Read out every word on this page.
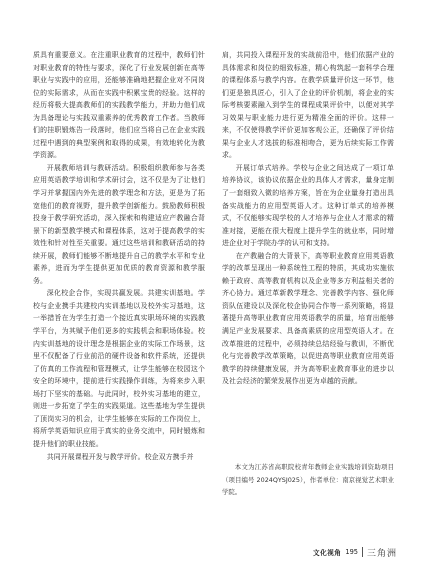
质具有重要意义。在注重职业教育的过程中，教师们针对职业教育的特性与要求，深化了行业发展创新在高等职业与实践中的应用，还能够准确地把握企业对不同岗位的实际需求，从而在实践中积累宝贵的经验。这样的经历将极大提高教师们的实践教学能力，并助力他们成为具备理论与实践双重素养的优秀教育工作者。当教师们的挂职锻炼告一段落时，他们应当将自己在企业实践过程中遇到的典型案例和取得的成果，有效地转化为教学资源。

开展教师培训与教研活动。积极组织教师参与各类应用英语教学培训和学术研讨会，这不仅是为了让他们学习并掌握国内外先进的教学理念和方法，更是为了拓宽他们的教育视野，提升教学创新能力。鼓励教师积极投身于教学研究活动，深入探索和构建适应产教融合背景下的新型教学模式和课程体系，这对于提高教学的实效性和针对性至关重要。通过这些培训和教研活动的持续开展，教师们能够不断地提升自己的教学水平和专业素养，进而为学生提供更加优质的教育资源和教学服务。

深化校企合作，实现共赢发展。共建实训基地。学校与企业携手共建校内实训基地以及校外实习基地，这一举措旨在为学生打造一个接近真实职场环境的实践教学平台，为其赋予他们更多的实践机会和职场体验。校内实训基地的设计理念是根据企业的实际工作场景，这里不仅配备了行业前沿的硬件设备和软件系统，还提供了仿真的工作流程和管理模式，让学生能够在校园这个安全的环境中，提前进行实践操作训练，为将来步入职场打下坚实的基础。与此同时，校外实习基地的建立，则进一步拓宽了学生的实践渠道。这些基地为学生提供了顶岗实习的机会，让学生能够在实际的工作岗位上，将所学英语知识应用于真实的业务交流中，同时锻炼和提升他们的职业技能。

共同开展课程开发与教学评价。校企双方携手并

肩，共同投入课程开发的实战前沿中，他们依据产业的具体需求和岗位的细致标准，精心构筑起一套科学合理的课程体系与教学内容。在教学质量评价这一环节，他们更是独具匠心，引入了企业的评价机制，将企业的实际考核要素融入到学生的课程成果评价中，以便对其学习效果与职业能力进行更为精准全面的评价。这样一来，不仅使得教学评价更加客观公正，还确保了评价结果与企业人才选拔的标准相吻合，更为后续实际工作需求。

开展订单式培养。学校与企业之间达成了一项订单培养协议，该协议依据企业的具体人才需求，量身定制了一套细致入微的培养方案，旨在为企业量身打造出具备实战能力的应用型英语人才。这种订单式的培养模式，不仅能够实现学校的人才培养与企业人才需求的精准对接，更能在很大程度上提升学生的就业率，同时增进企业对于学院办学的认可和支持。

在产教融合的大背景下，高等职业教育应用英语教学的改革呈现出一种系统性工程的特质，其成功实施依赖于政府、高等教育机构以及企业等多方利益相关者的齐心协力。通过革新教学理念、完善教学内容、强化师资队伍建设以及深化校企协同合作等一系列策略，将显著提升高等职业教育应用英语教学的质量，培育出能够满足产业发展要求、具备高素质的应用型英语人才。在改革推进的过程中，必须持续总结经验与教训，不断优化与完善教学改革策略，以促进高等职业教育应用英语教学的持续健康发展，并为高等职业教育事业的进步以及社会经济的繁荣发展作出更为卓越的贡献。

本文为江苏省高职院校青年教师企业实践培训资助项目（项目编号 2024QYSJ025），作者单位：南京视觉艺术职业学院。
文化视角 195 三角洲
